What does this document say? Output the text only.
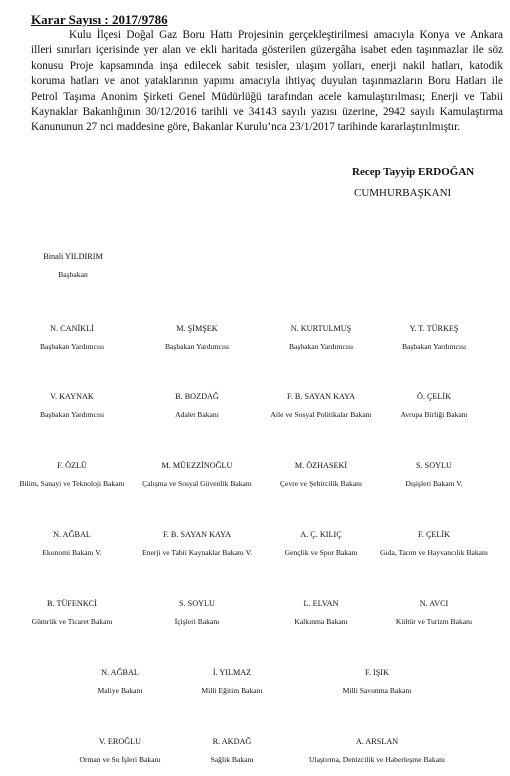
Karar Sayısı : 2017/9786

Kulu İlçesi Doğal Gaz Boru Hattı Projesinin gerçekleştirilmesi amacıyla Konya ve Ankara
illeri sınırları içerisinde yer alan ve ekli haritada gösterilen güzergâha isabet eden taşınmazlar ile söz
konusu Proje kapsamında inşa edilecek sabit tesisler, ulaşım yolları, enerji nakil hatları, katodik
koruma hatları ve anot yataklarının yapımı amacıyla ihtiyaç duyulan taşınmazların Boru Hatları ile
Petrol Taşıma Anonim Şirketi Genel Müdürlüğü tarafından acele kamulaştırılması; Enerji ve Tabii
Kaynaklar Bakanlığının 30/12/2016 tarihli ve 34143 sayılı yazısı üzerine, 2942 sayılı Kamulaştırma
Kanununun 27 nci maddesine göre, Bakanlar Kurulu’nca 23/1/2017 tarihinde kararlaştırılmıştır.

Recep Tayyip ERDOĞAN
CUMHURBAŞKANI
Binali YILDIRIM
Başbakan
N. CANİKLİ
Başbakan Yardımcısı
M. ŞİMŞEK
Başbakan Yardımcısı
N. KURTULMUŞ
Başbakan Yardımcısı
Y. T. TÜRKEŞ
Başbakan Yardımcısı
V. KAYNAK
Başbakan Yardımcısı
B. BOZDAĞ
Adalet Bakanı
F. B. SAYAN KAYA
Aile ve Sosyal Politikalar Bakanı
Ö. ÇELİK
Avrupa Birliği Bakanı
F. ÖZLÜ
Bilim, Sanayi ve Teknoloji Bakanı
M. MÜEZZİNOĞLU
Çalışma ve Sosyal Güvenlik Bakanı
M. ÖZHASEKİ
Çevre ve Şehircilik Bakanı
S. SOYLU
Dışişleri Bakanı V.
N. AĞBAL
Ekonomi Bakanı V.
F. B. SAYAN KAYA
Enerji ve Tabii Kaynaklar Bakanı V.
A. Ç. KILIÇ
Gençlik ve Spor Bakanı
F. ÇELİK
Gıda, Tarım ve Hayvancılık Bakanı
B. TÜFENKCİ
Gümrük ve Ticaret Bakanı
S. SOYLU
İçişleri Bakanı
L. ELVAN
Kalkınma Bakanı
N. AVCI
Kültür ve Turizm Bakanı
N. AĞBAL
Maliye Bakanı
İ. YILMAZ
Milli Eğitim Bakanı
F. IŞIK
Milli Savunma Bakanı
V. EROĞLU
Orman ve Su İşleri Bakanı
R. AKDAĞ
Sağlık Bakanı
A. ARSLAN
Ulaştırma, Denizcilik ve Haberleşme Bakanı
